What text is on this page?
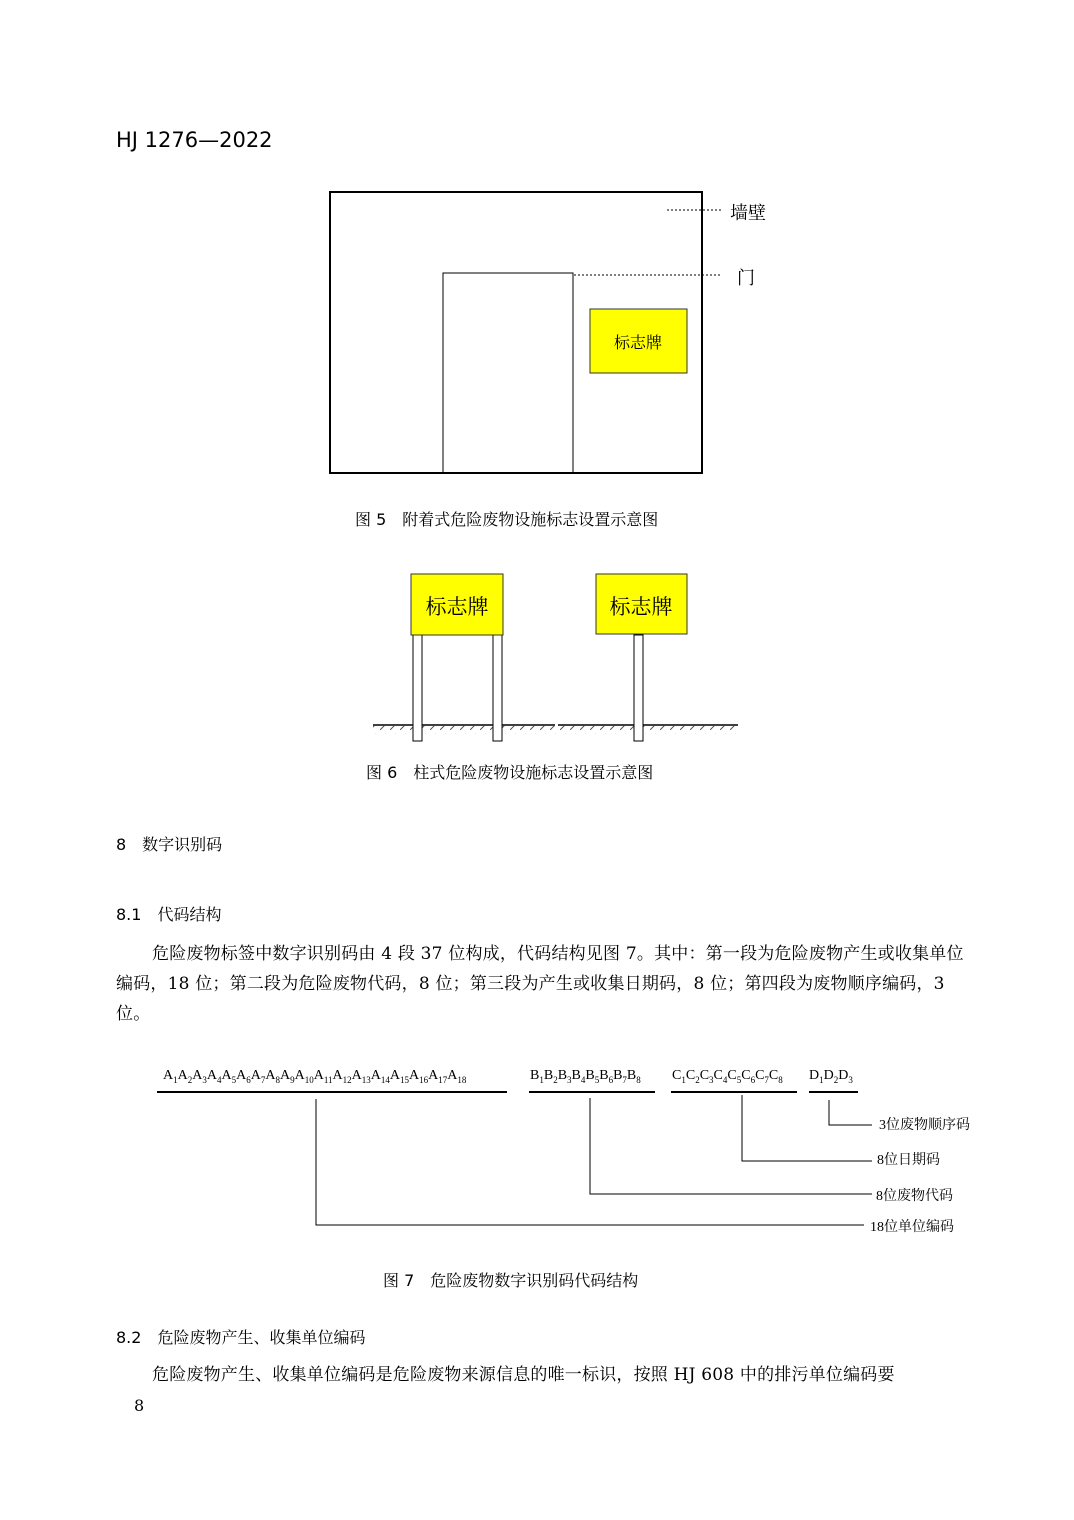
HJ 1276—2022
墙壁
门
标志牌
图 5　附着式危险废物设施标志设置示意图
标志牌	标志牌
图 6　柱式危险废物设施标志设置示意图
8　数字识别码
8.1　代码结构
危险废物标签中数字识别码由 4 段 37 位构成，代码结构见图 7。其中：第一段为危险废物产生或收集单位编码，18 位；第二段为危险废物代码，8 位；第三段为产生或收集日期码，8 位；第四段为废物顺序编码，3 位。
$A_1A_2A_3A_4A_5A_6A_7A_8A_9A_{10}A_{11}A_{12}A_{13}A_{14}A_{15}A_{16}A_{17}A_{18}$	$B_1B_2B_3B_4B_5B_6B_7B_8$ $C_1C_2C_3C_4C_5C_6C_7C_8$ $D_1D_2D_3$
3位废物顺序码
8位日期码
8位废物代码
18位单位编码
图 7　危险废物数字识别码代码结构
8.2　危险废物产生、收集单位编码
危险废物产生、收集单位编码是危险废物来源信息的唯一标识，按照 HJ 608 中的排污单位编码要
8
